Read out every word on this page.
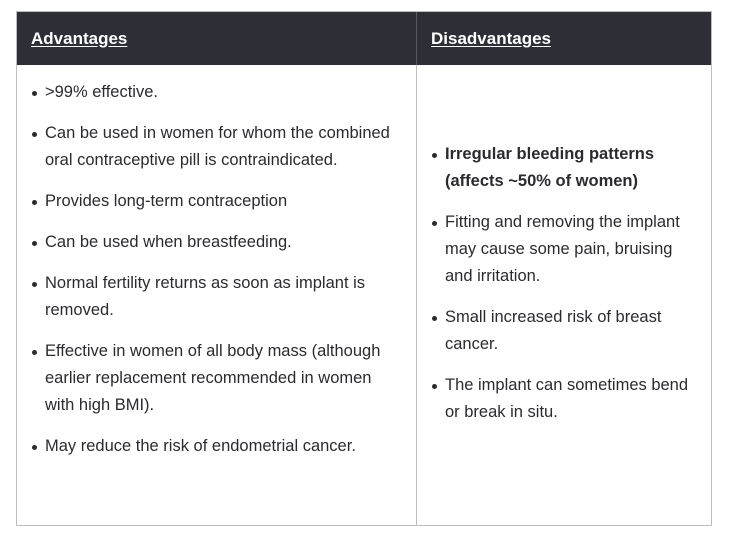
Advantages	Disadvantages
>99% effective.
Can be used in women for whom the combined oral contraceptive pill is contraindicated.
Provides long-term contraception
Can be used when breastfeeding.
Normal fertility returns as soon as implant is removed.
Effective in women of all body mass (although earlier replacement recommended in women with high BMI).
May reduce the risk of endometrial cancer.
Irregular bleeding patterns (affects ~50% of women)
Fitting and removing the implant may cause some pain, bruising and irritation.
Small increased risk of breast cancer.
The implant can sometimes bend or break in situ.
